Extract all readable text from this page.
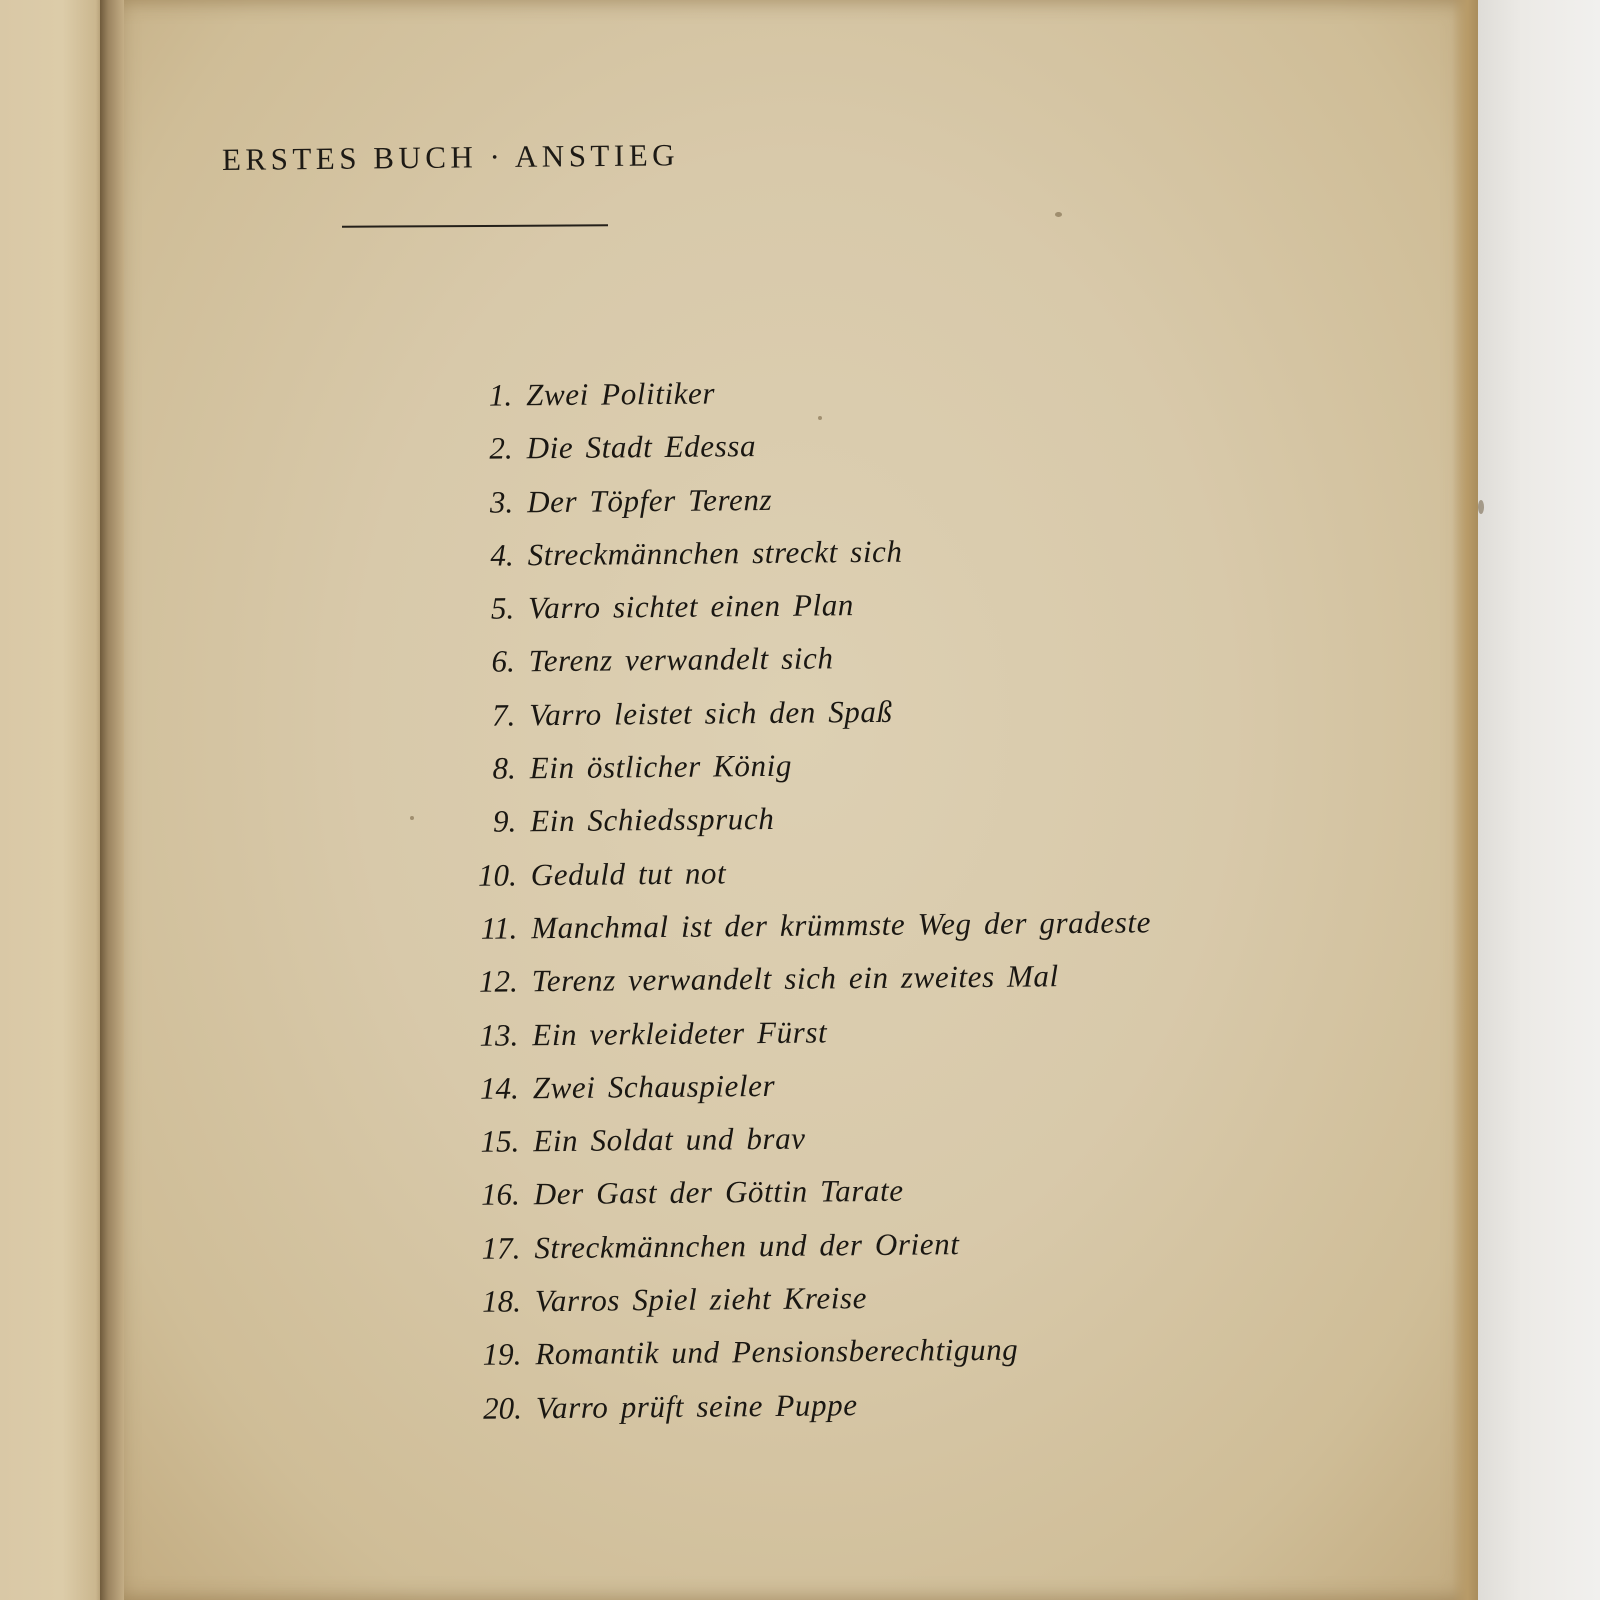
ERSTES BUCH · ANSTIEG
1. Zwei Politiker
2. Die Stadt Edessa
3. Der Töpfer Terenz
4. Streckmännchen streckt sich
5. Varro sichtet einen Plan
6. Terenz verwandelt sich
7. Varro leistet sich den Spaß
8. Ein östlicher König
9. Ein Schiedsspruch
10. Geduld tut not
11. Manchmal ist der krümmste Weg der gradeste
12. Terenz verwandelt sich ein zweites Mal
13. Ein verkleideter Fürst
14. Zwei Schauspieler
15. Ein Soldat und brav
16. Der Gast der Göttin Tarate
17. Streckmännchen und der Orient
18. Varros Spiel zieht Kreise
19. Romantik und Pensionsberechtigung
20. Varro prüft seine Puppe
